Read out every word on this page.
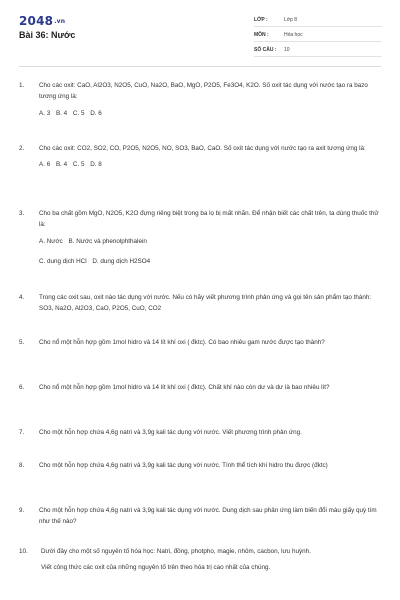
2048.vn
Bài 36: Nước
LỚP :	Lớp 8
MÔN :	Hóa học
SỐ CÂU : 10
1.	Cho các oxit: CaO, Al2O3, N2O5, CuO, Na2O, BaO, MgO, P2O5, Fe3O4, K2O. Số oxit tác dụng với nước tạo ra bazo tương ứng là:

A. 3 B. 4 C. 5 D. 6
2.	Cho các oxit: CO2, SO2, CO, P2O5, N2O5, NO, SO3, BaO, CaO. Số oxit tác dụng với nước tạo ra axit tương ứng là:

A. 6 B. 4 C. 5 D. 8
3.	Cho ba chất gồm MgO, N2O5, K2O đựng riêng biệt trong ba lọ bị mất nhãn. Để nhận biết các chất trên, ta dùng thuốc thử là:

A. Nước B. Nước và phenolphthalein
C. dung dịch HCl D. dung dịch H2SO4
4.	Trong các oxit sau, oxit nào tác dụng với nước. Nếu có hãy viết phương trình phản ứng và gọi tên sản phẩm tạo thành: SO3, Na2O, Al2O3, CaO, P2O5, CuO, CO2

5.	Cho nổ một hỗn hợp gồm 1mol hidro và 14 lít khí oxi ( đktc). Có bao nhiêu gam nước được tạo thành?

6.	Cho nổ một hỗn hợp gồm 1mol hidro và 14 lít khí oxi ( đktc). Chất khí nào còn dư và dư là bao nhiêu lít?

7.	Cho một hỗn hợp chứa 4,6g natri và 3,9g kali tác dụng với nước. Viết phương trình phản ứng.

8.	Cho một hỗn hợp chứa 4,6g natri và 3,9g kali tác dụng với nước. Tính thể tích khí hidro thu được (đktc)

9.	Cho một hỗn hợp chứa 4,6g natri và 3,9g kali tác dụng với nước. Dung dịch sau phản ứng làm biến đổi màu giấy quỳ tím như thế nào?

10.	Dưới đây cho một số nguyên tố hóa học: Natri, đồng, photpho, magie, nhôm, cacbon, lưu huỳnh.

Viết công thức các oxit của những nguyên tố trên theo hóa trị cao nhất của chúng.
